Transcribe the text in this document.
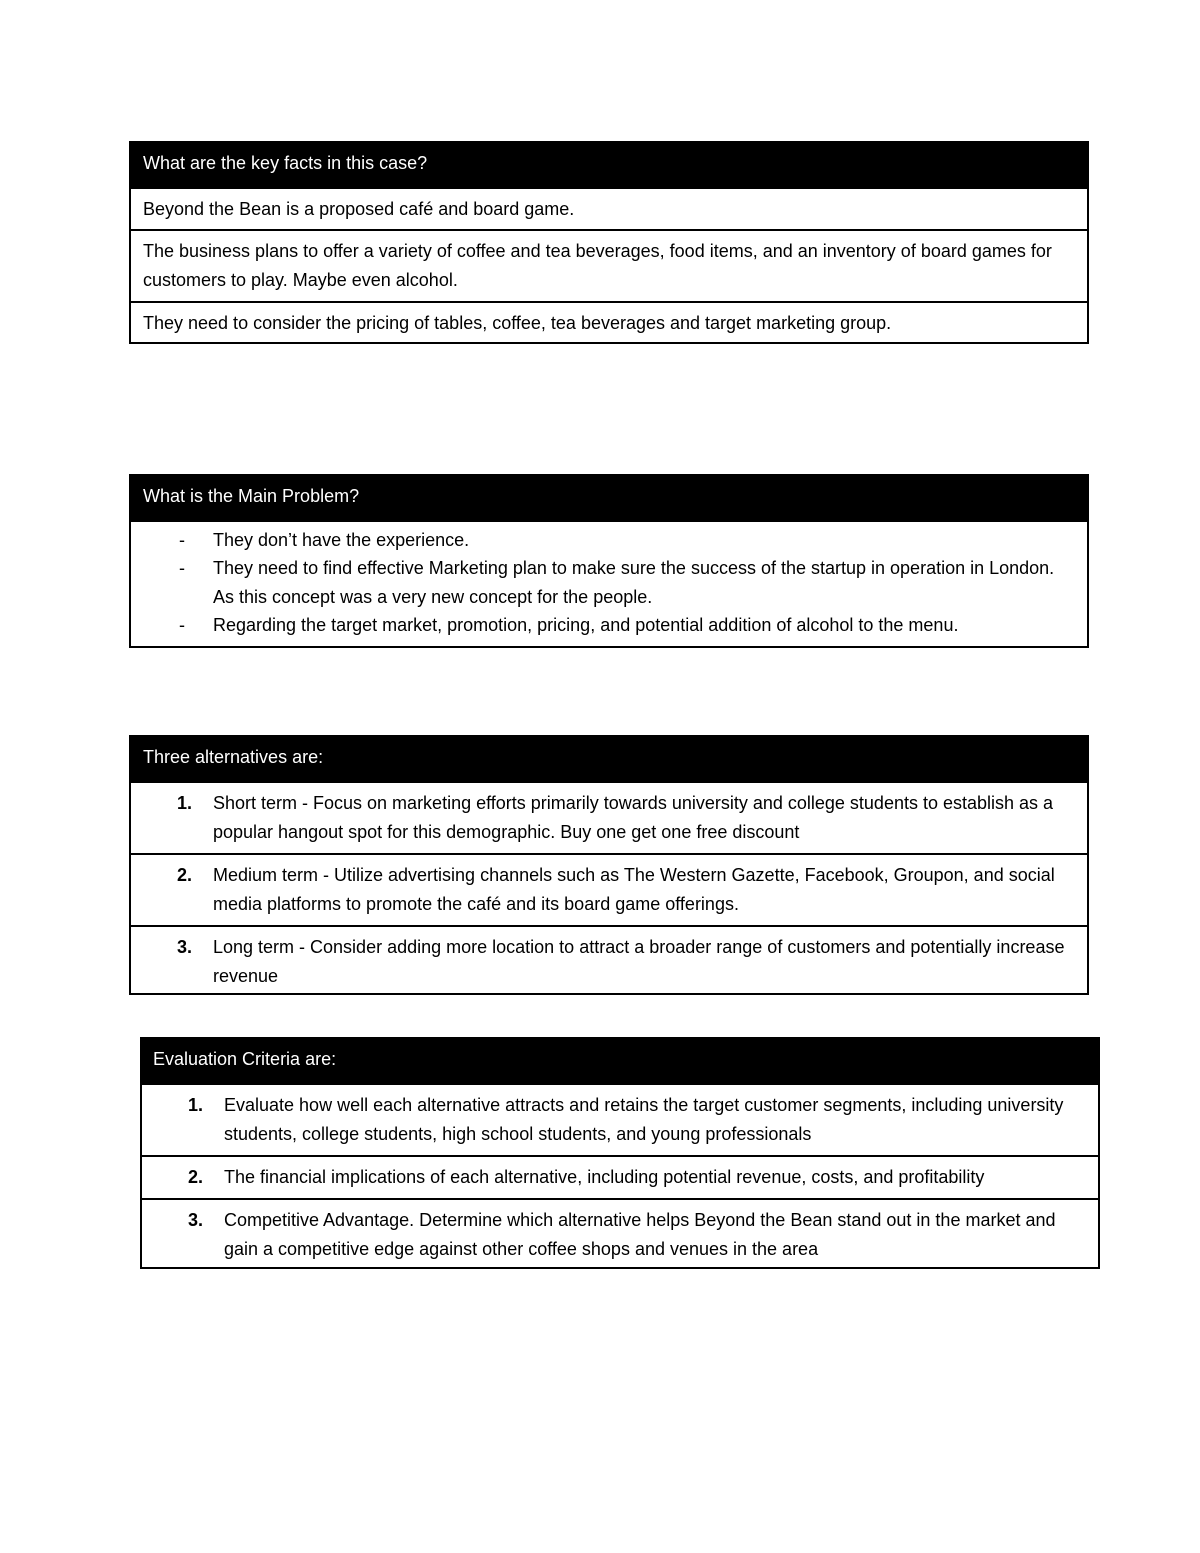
What are the key facts in this case?
Beyond the Bean is a proposed café and board game.
The business plans to offer a variety of coffee and tea beverages, food items, and an inventory of board games for customers to play. Maybe even alcohol.
They need to consider the pricing of tables, coffee, tea beverages and target marketing group.
What is the Main Problem?
- They don’t have the experience.
- They need to find effective Marketing plan to make sure the success of the startup in operation in London. As this concept was a very new concept for the people.
- Regarding the target market, promotion, pricing, and potential addition of alcohol to the menu.
Three alternatives are:
1. Short term - Focus on marketing efforts primarily towards university and college students to establish as a popular hangout spot for this demographic. Buy one get one free discount
2. Medium term - Utilize advertising channels such as The Western Gazette, Facebook, Groupon, and social media platforms to promote the café and its board game offerings.
3. Long term - Consider adding more location to attract a broader range of customers and potentially increase revenue
Evaluation Criteria are:
1. Evaluate how well each alternative attracts and retains the target customer segments, including university students, college students, high school students, and young professionals
2. The financial implications of each alternative, including potential revenue, costs, and profitability
3. Competitive Advantage. Determine which alternative helps Beyond the Bean stand out in the market and gain a competitive edge against other coffee shops and venues in the area
